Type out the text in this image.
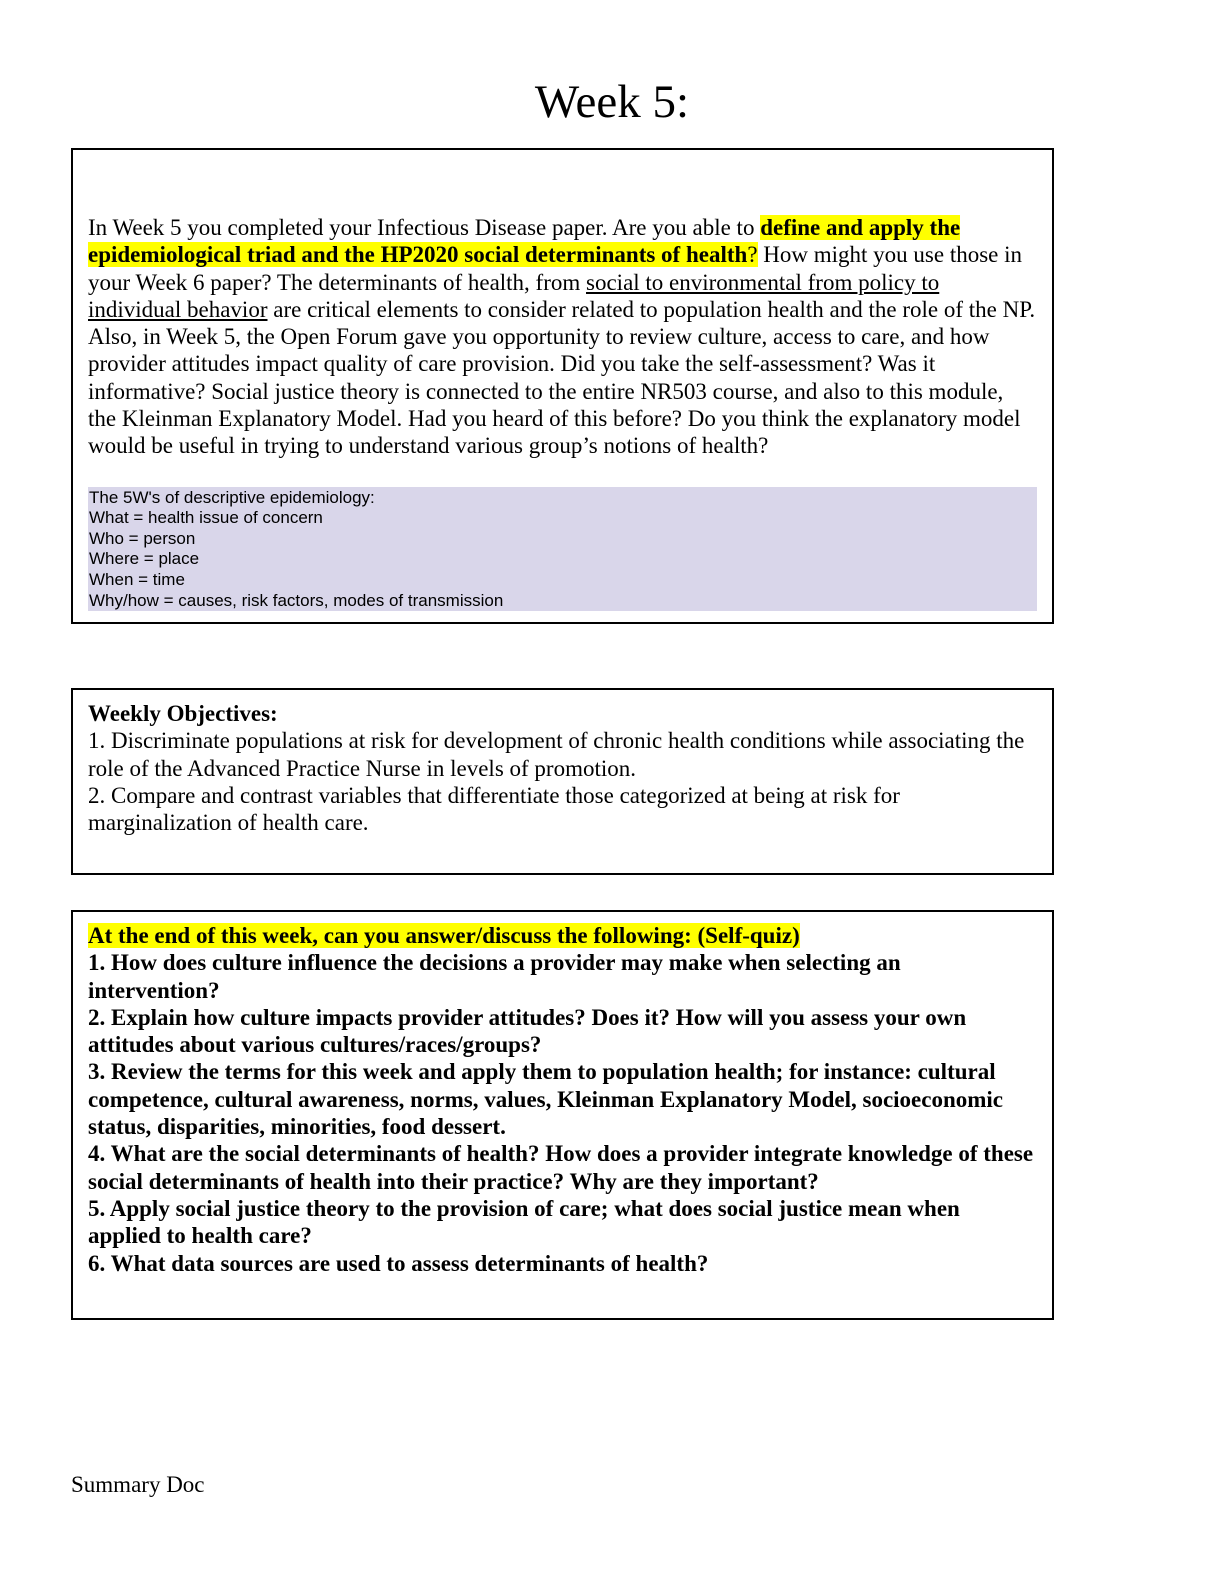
Week 5:

In Week 5 you completed your Infectious Disease paper. Are you able to define and apply the epidemiological triad and the HP2020 social determinants of health? How might you use those in your Week 6 paper? The determinants of health, from social to environmental from policy to individual behavior are critical elements to consider related to population health and the role of the NP. Also, in Week 5, the Open Forum gave you opportunity to review culture, access to care, and how provider attitudes impact quality of care provision. Did you take the self-assessment? Was it informative? Social justice theory is connected to the entire NR503 course, and also to this module, the Kleinman Explanatory Model. Had you heard of this before? Do you think the explanatory model would be useful in trying to understand various group’s notions of health?

The 5W's of descriptive epidemiology:
What = health issue of concern
Who = person
Where = place
When = time
Why/how = causes, risk factors, modes of transmission
Weekly Objectives:
1. Discriminate populations at risk for development of chronic health conditions while associating the role of the Advanced Practice Nurse in levels of promotion.
2. Compare and contrast variables that differentiate those categorized at being at risk for marginalization of health care.
At the end of this week, can you answer/discuss the following: (Self-quiz)
1. How does culture influence the decisions a provider may make when selecting an intervention?
2. Explain how culture impacts provider attitudes? Does it? How will you assess your own attitudes about various cultures/races/groups?
3. Review the terms for this week and apply them to population health; for instance: cultural competence, cultural awareness, norms, values, Kleinman Explanatory Model, socioeconomic status, disparities, minorities, food dessert.
4. What are the social determinants of health? How does a provider integrate knowledge of these social determinants of health into their practice? Why are they important?
5. Apply social justice theory to the provision of care; what does social justice mean when applied to health care?
6. What data sources are used to assess determinants of health?
Summary Doc
